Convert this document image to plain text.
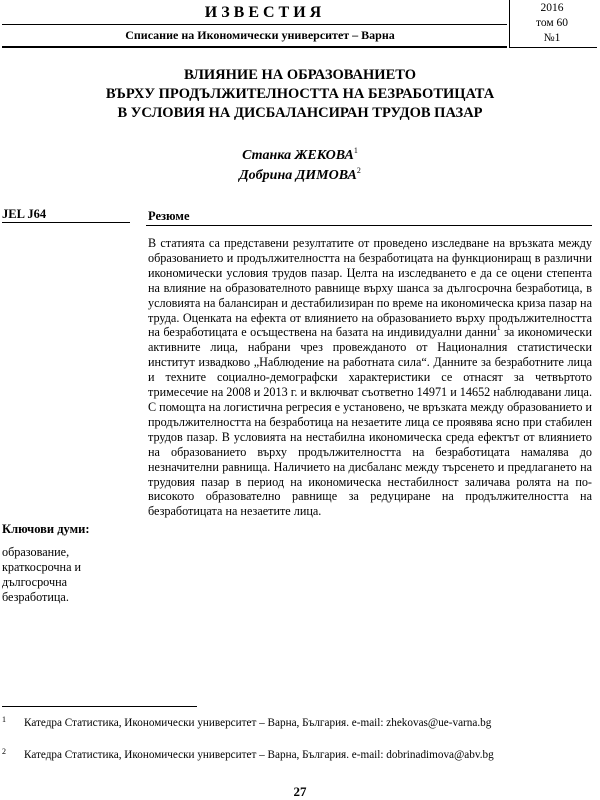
ИЗВЕСТИЯ
Списание на Икономически университет – Варна
2016
том 60
№1
ВЛИЯНИЕ НА ОБРАЗОВАНИЕТО
ВЪРХУ ПРОДЪЛЖИТЕЛНОСТТА НА БЕЗРАБОТИЦАТА
В УСЛОВИЯ НА ДИСБАЛАНСИРАН ТРУДОВ ПАЗАР
Станка ЖЕКОВА$^1$
Добрина ДИМОВА$^2$
JEL J64
Ключови думи:
образование, краткосрочна и дългосрочна безработица.
Резюме

В статията са представени резултатите от проведено изследване на връзката между образованието и продължителността на безработицата на функциониращ в различни икономически условия трудов пазар. Целта на изследването е да се оцени степента на влияние на образователното равнище върху шанса за дългосрочна безработица, в условията на балансиран и дестабилизиран по време на икономическа криза пазар на труда. Оценката на ефекта от влиянието на образованието върху продължителността на безработицата е осъществена на базата на индивидуални данни$^1$ за икономически активните лица, набрани чрез провежданото от Националния статистически институт извадково „Наблюдение на работната сила“. Данните за безработните лица и техните социално-демографски характеристики се отнасят за четвъртото тримесечие на 2008 и 2013 г. и включват съответно 14971 и 14652 наблюдавани лица. С помощта на логистична регресия е установено, че връзката между образованието и продължителността на безработица на незаетите лица се проявява ясно при стабилен трудов пазар. В условията на нестабилна икономическа среда ефектът от влиянието на образованието върху продължителността на безработицата намалява до незначителни равнища. Наличието на дисбаланс между търсенето и предлагането на трудовия пазар в период на икономическа нестабилност заличава ролята на по-високото образователно равнище за редуциране на продължителността на безработицата на незаетите лица.

1	Катедра Статистика, Икономически университет – Варна, България. e-mail: zhekovas@ue-varna.bg
2	Катедра Статистика, Икономически университет – Варна, България. e-mail: dobrinadimova@abv.bg
27
